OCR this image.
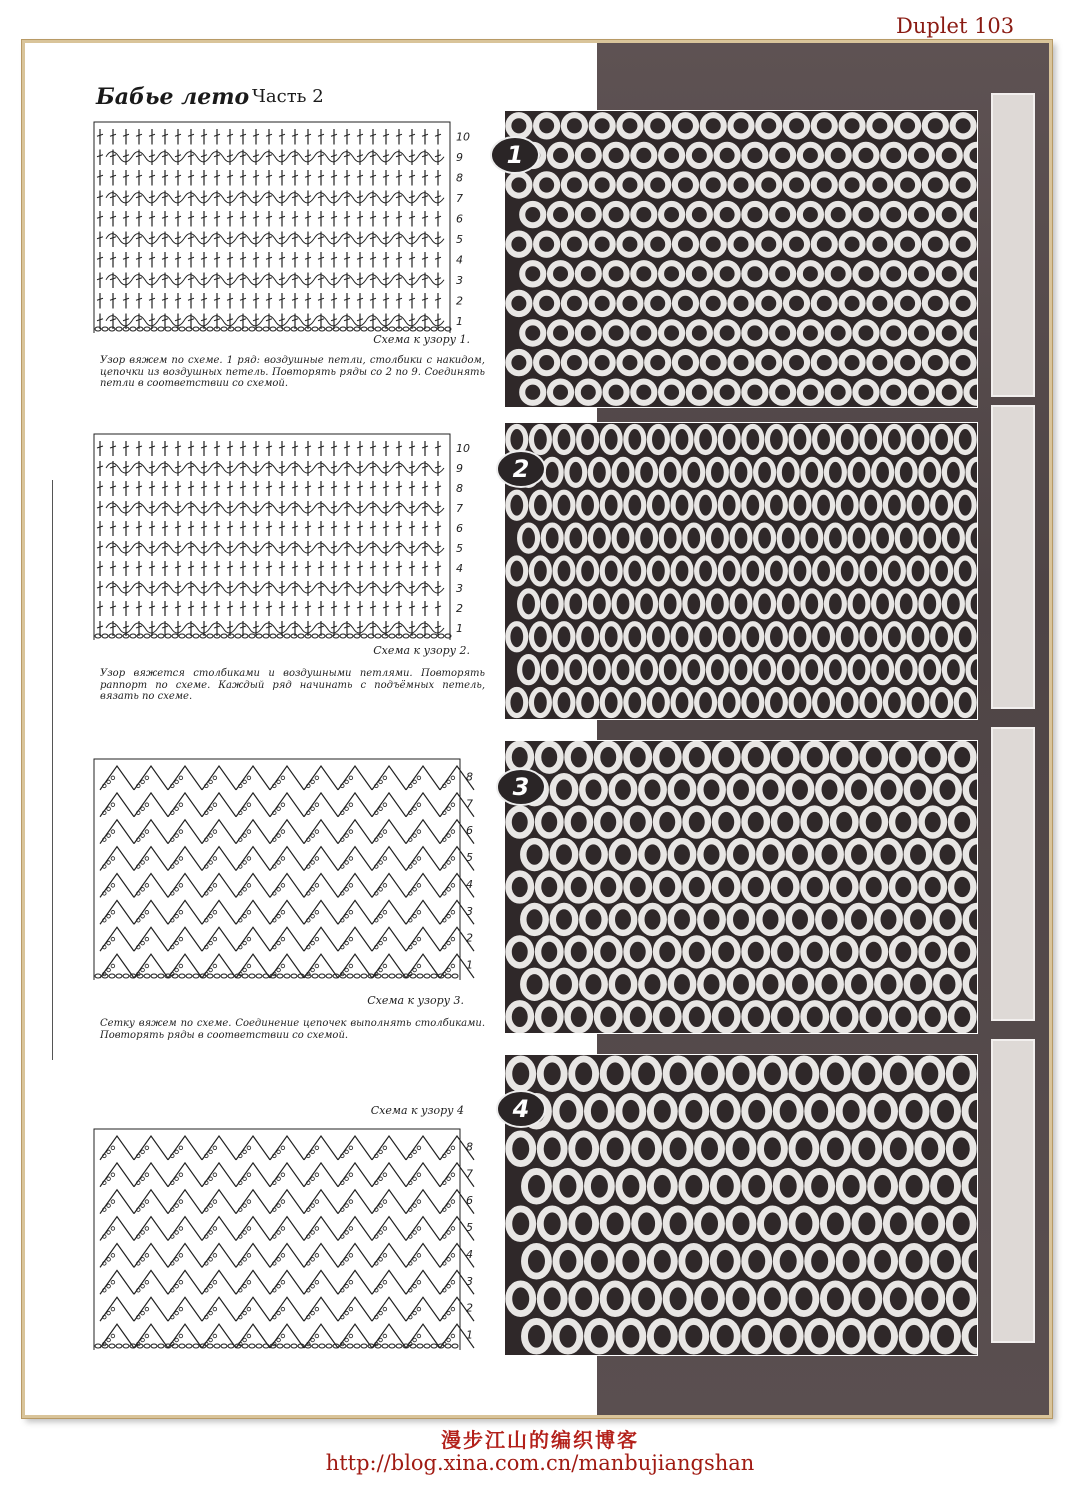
Duplet 103
Бабье лето Часть 2
10
9
8
7
6
5
4
3
2
1
Схема к узору 1.
Узор вяжем по схеме. 1 ряд: воздушные петли, столбики с накидом, цепочки из воздушных петель. Повторять ряды со 2 по 9. Соединять петли в соответствии со схемой.
10
9
8
7
6
5
4
3
2
1
Схема к узору 2.
Узор вяжется столбиками и воздушными петлями. Повторять раппорт по схеме. Каждый ряд начинать с подъёмных петель, вязать по схеме.
8
7
6
5
4
3
2
1
Схема к узору 3.
Сетку вяжем по схеме. Соединение цепочек выполнять столбиками. Повторять ряды в соответствии со схемой.
Схема к узору 4
8
7
6
5
4
3
2
1
1
2
3
4
漫步江山的编织博客
http://blog.xina.com.cn/manbujiangshan
